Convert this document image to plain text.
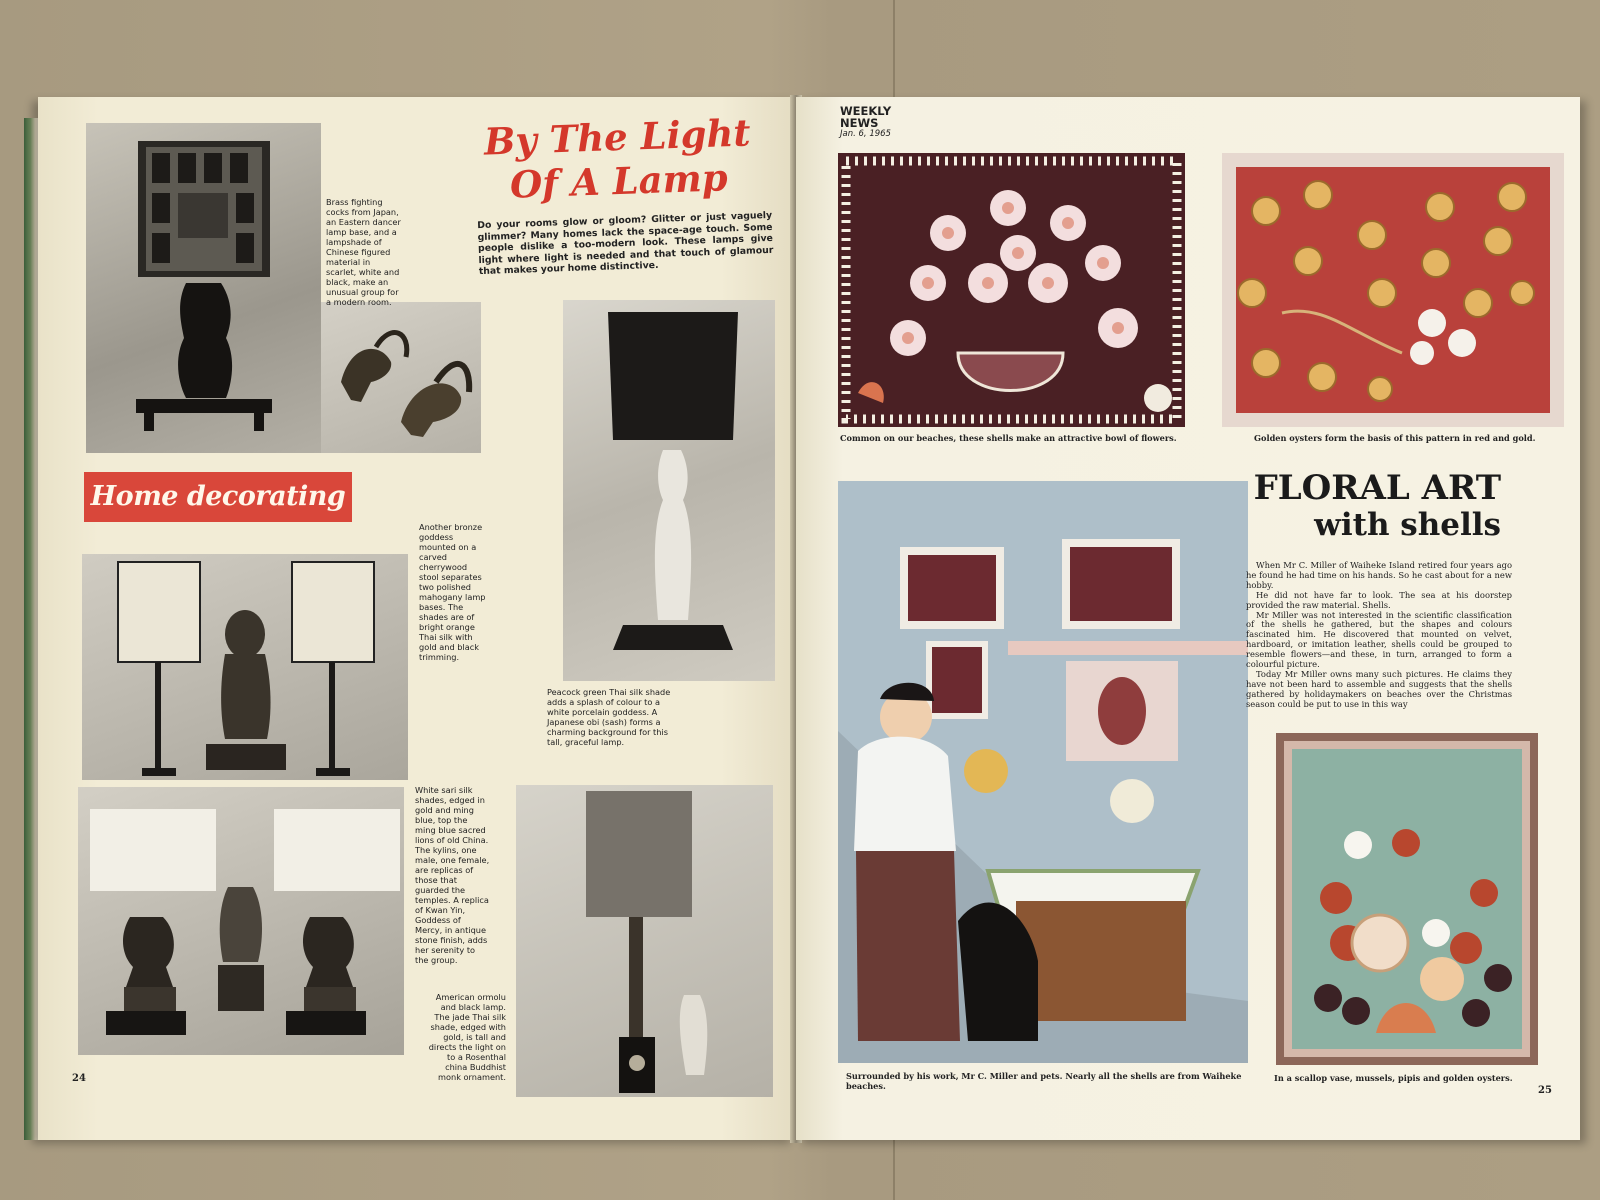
Brass fighting cocks from Japan, an Eastern dancer lamp base, and a lampshade of Chinese figured material in scarlet, white and black, make an unusual group for a modern room.
By The Light Of A Lamp
Do your rooms glow or gloom? Glitter or just vaguely glimmer? Many homes lack the space-age touch. Some people dislike a too-modern look. These lamps give light where light is needed and that touch of glamour that makes your home distinctive.
Home decorating
Peacock green Thai silk shade adds a splash of colour to a white porcelain goddess. A Japanese obi (sash) forms a charming background for this tall, graceful lamp.
Another bronze goddess mounted on a carved cherrywood stool separates two polished mahogany lamp bases. The shades are of bright orange Thai silk with gold and black trimming.
White sari silk shades, edged in gold and ming blue, top the ming blue sacred lions of old China. The kylins, one male, one female, are replicas of those that guarded the temples. A replica of Kwan Yin, Goddess of Mercy, in antique stone finish, adds her serenity to the group.
American ormolu and black lamp. The jade Thai silk shade, edged with gold, is tall and directs the light on to a Rosenthal china Buddhist monk ornament.
24
WEEKLY
NEWS
Jan. 6, 1965
Common on our beaches, these shells make an attractive bowl of flowers.	Golden oysters form the basis of this pattern in red and gold.
Surrounded by his work, Mr C. Miller and pets. Nearly all the shells are from Waiheke beaches.
FLORAL ART
with shells

When Mr C. Miller of Waiheke Island retired four years ago he found he had time on his hands. So he cast about for a new hobby.

He did not have far to look. The sea at his doorstep provided the raw material. Shells.

Mr Miller was not interested in the scientific classification of the shells he gathered, but the shapes and colours fascinated him. He discovered that mounted on velvet, hardboard, or imitation leather, shells could be grouped to resemble flowers—and these, in turn, arranged to form a colourful picture.

Today Mr Miller owns many such pictures. He claims they have not been hard to assemble and suggests that the shells gathered by holidaymakers on beaches over the Christmas season could be put to use in this way

In a scallop vase, mussels, pipis and golden oysters.
25
